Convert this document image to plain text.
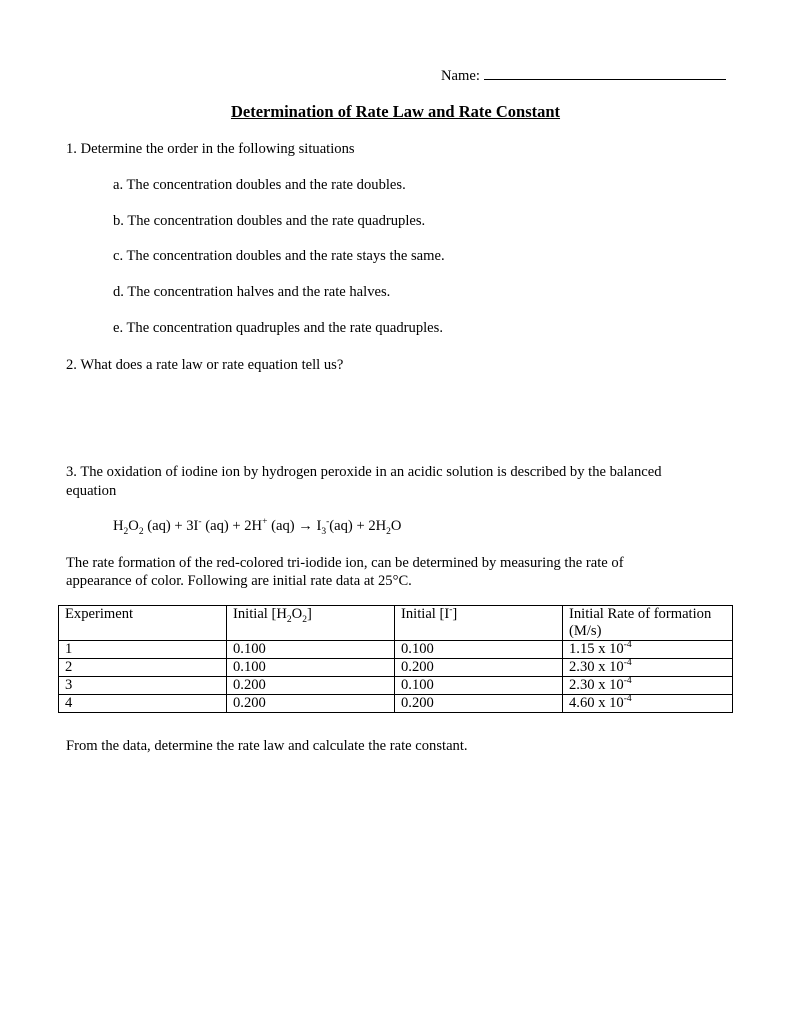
Name:
Determination of Rate Law and Rate Constant
1. Determine the order in the following situations
a. The concentration doubles and the rate doubles.
b. The concentration doubles and the rate quadruples.
c. The concentration doubles and the rate stays the same.
d. The concentration halves and the rate halves.
e. The concentration quadruples and the rate quadruples.
2. What does a rate law or rate equation tell us?
3. The oxidation of iodine ion by hydrogen peroxide in an acidic solution is described by the balanced
equation
$H_2O_2$ (aq) + 3I- (aq) + 2H+ $(aq) \to I_3^-(aq) + 2H_2O$
The rate formation of the red-colored tri-iodide ion, can be determined by measuring the rate of
appearance of color. Following are initial rate data at 25°C.
Experiment	Initial $[H_2O_2]$	Initial [I-]	Initial Rate of formation
(M/s)
1	0.100	0.100	1.15 x $10^{-4}$
2	0.100	0.200	2.30 x $10^{-4}$
3	0.200	0.100	2.30 x $10^{-4}$
4	0.200	0.200	4.60 x $10^{-4}$
From the data, determine the rate law and calculate the rate constant.
